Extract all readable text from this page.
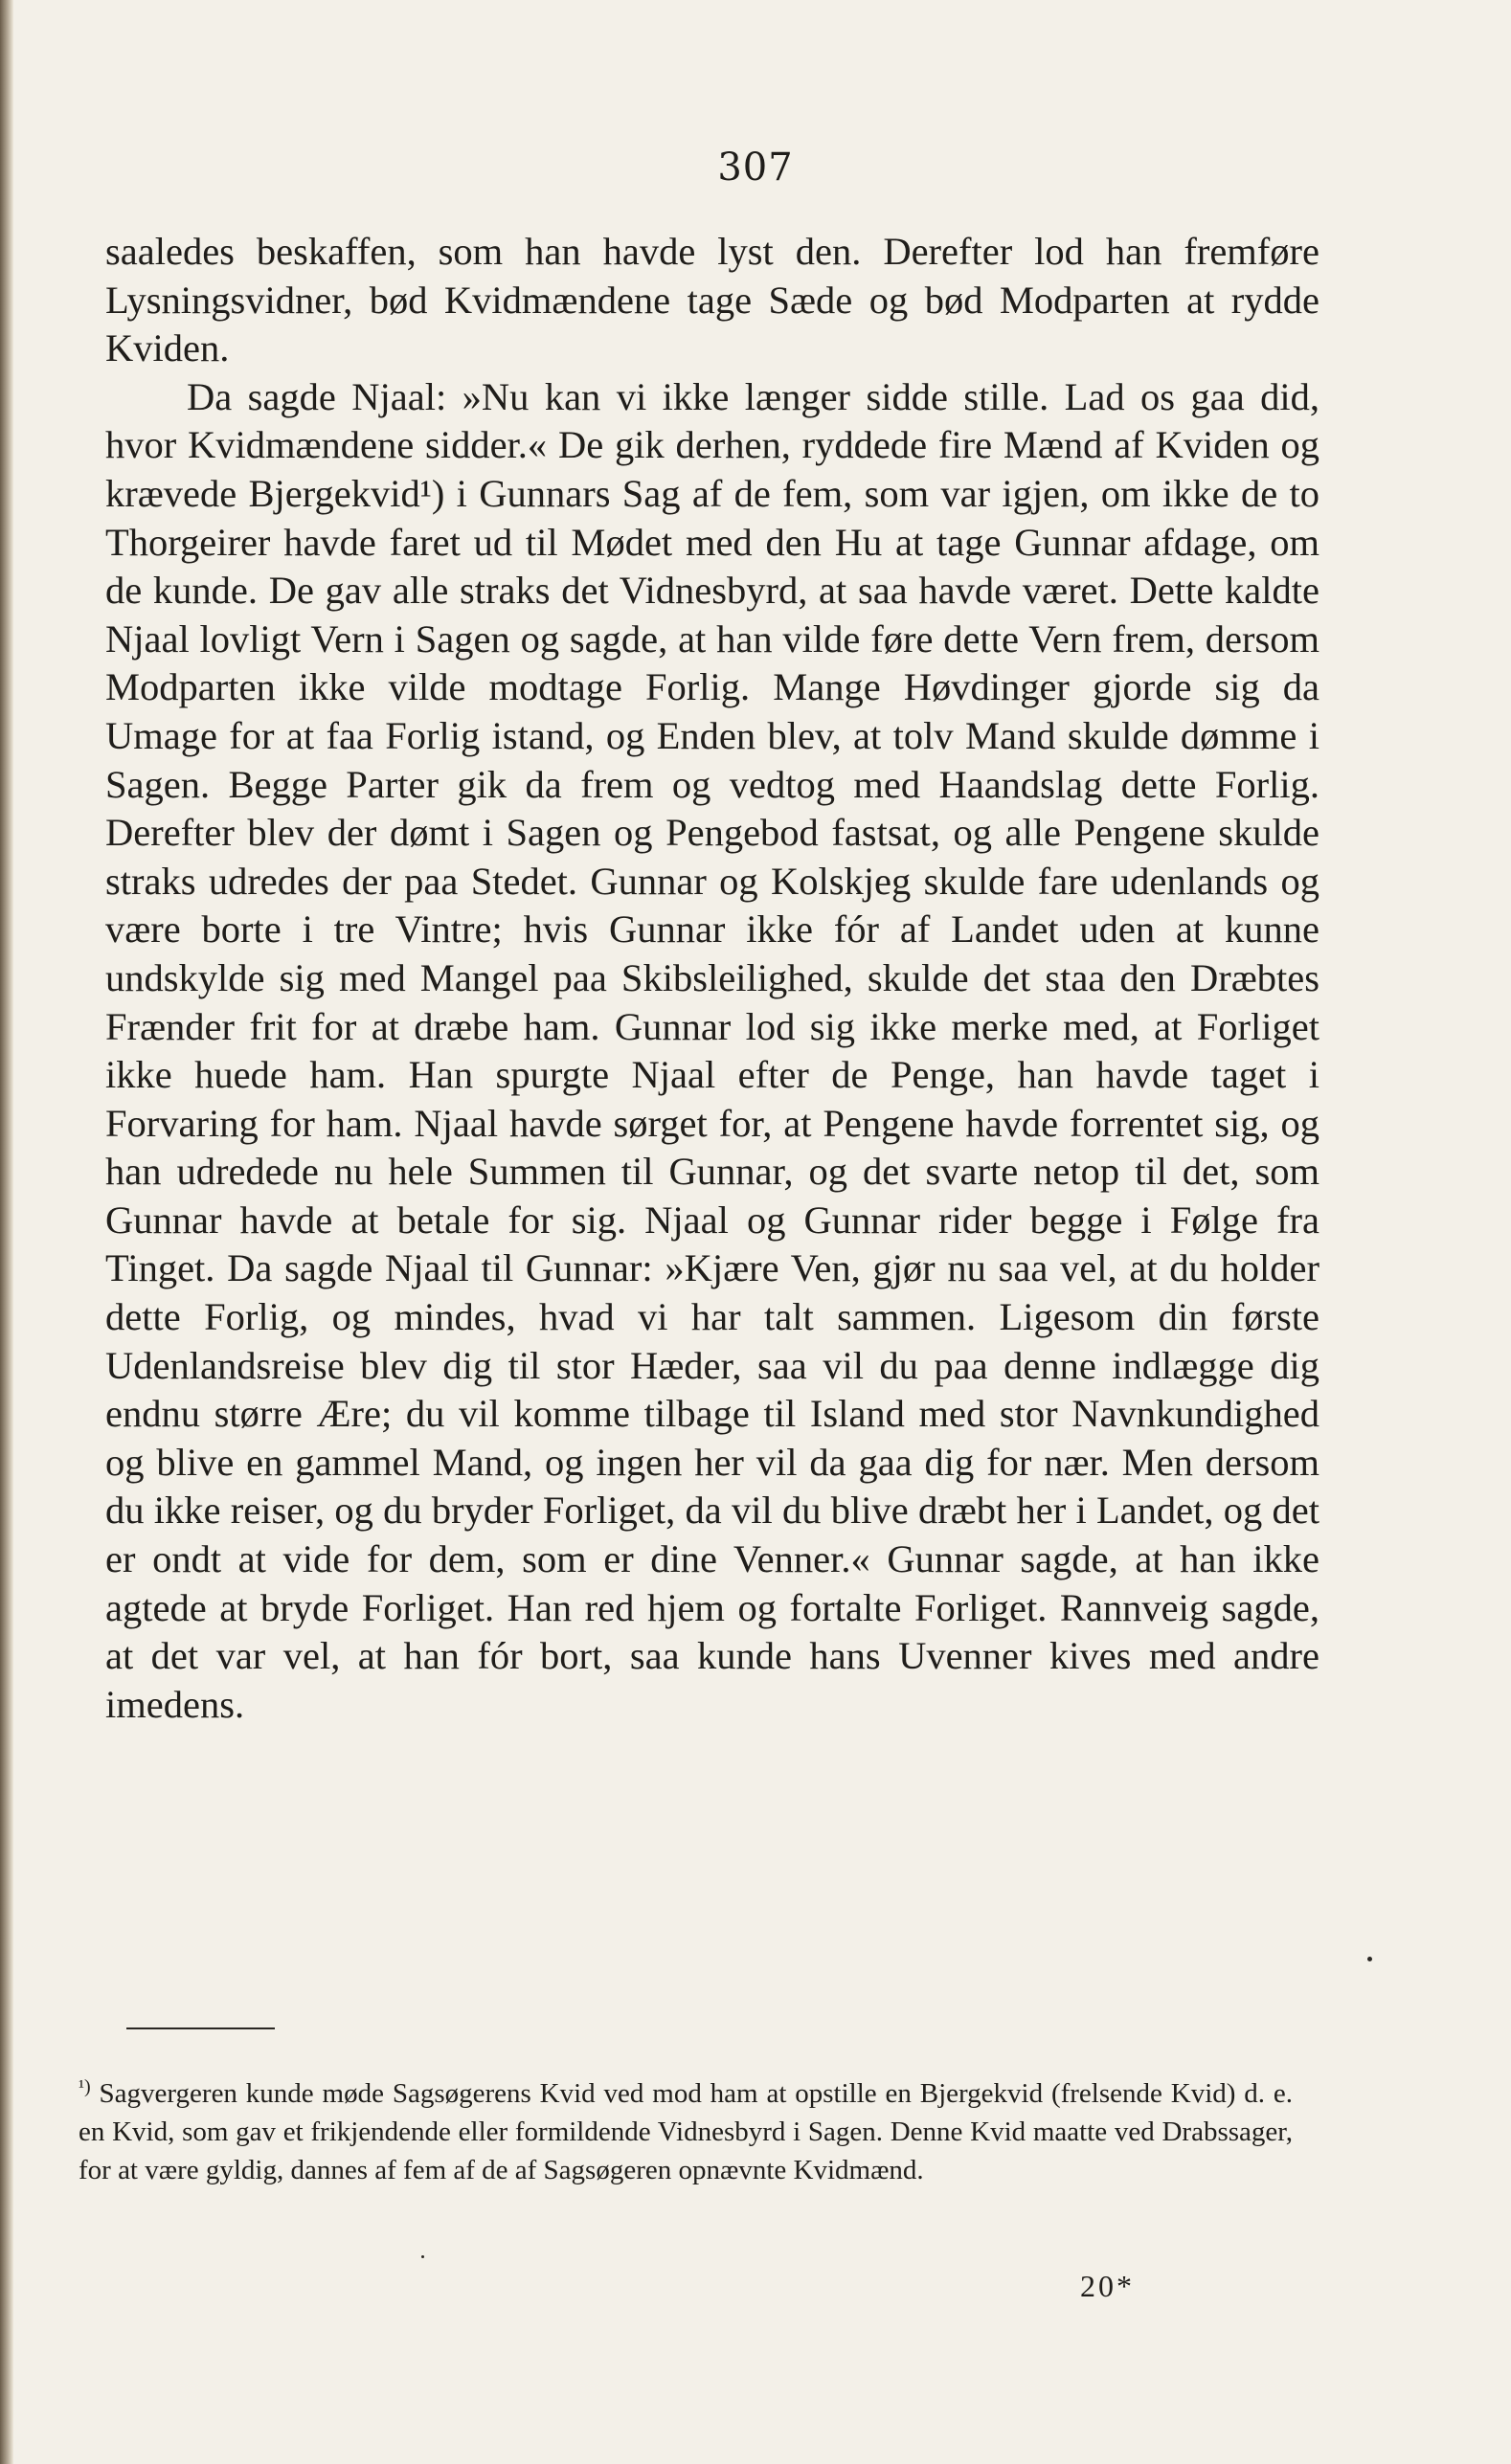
307

saaledes beskaffen, som han havde lyst den. Derefter lod han fremføre Lysningsvidner, bød Kvidmændene tage Sæde og bød Modparten at rydde Kviden.

Da sagde Njaal: »Nu kan vi ikke længer sidde stille. Lad os gaa did, hvor Kvidmændene sidder.« De gik derhen, ryddede fire Mænd af Kviden og krævede Bjergekvid¹) i Gunnars Sag af de fem, som var igjen, om ikke de to Thorgeirer havde faret ud til Mødet med den Hu at tage Gunnar afdage, om de kunde. De gav alle straks det Vidnesbyrd, at saa havde været. Dette kaldte Njaal lovligt Vern i Sagen og sagde, at han vilde føre dette Vern frem, dersom Modparten ikke vilde modtage Forlig. Mange Høvdinger gjorde sig da Umage for at faa Forlig istand, og Enden blev, at tolv Mand skulde dømme i Sagen. Begge Parter gik da frem og vedtog med Haandslag dette Forlig. Derefter blev der dømt i Sagen og Pengebod fastsat, og alle Pengene skulde straks udredes der paa Stedet. Gunnar og Kolskjeg skulde fare udenlands og være borte i tre Vintre; hvis Gunnar ikke fór af Landet uden at kunne undskylde sig med Mangel paa Skibsleilighed, skulde det staa den Dræbtes Frænder frit for at dræbe ham. Gunnar lod sig ikke merke med, at Forliget ikke huede ham. Han spurgte Njaal efter de Penge, han havde taget i Forvaring for ham. Njaal havde sørget for, at Pengene havde forrentet sig, og han udredede nu hele Summen til Gunnar, og det svarte netop til det, som Gunnar havde at betale for sig. Njaal og Gunnar rider begge i Følge fra Tinget. Da sagde Njaal til Gunnar: »Kjære Ven, gjør nu saa vel, at du holder dette Forlig, og mindes, hvad vi har talt sammen. Ligesom din første Udenlandsreise blev dig til stor Hæder, saa vil du paa denne indlægge dig endnu større Ære; du vil komme tilbage til Island med stor Navnkundighed og blive en gammel Mand, og ingen her vil da gaa dig for nær. Men dersom du ikke reiser, og du bryder Forliget, da vil du blive dræbt her i Landet, og det er ondt at vide for dem, som er dine Venner.« Gunnar sagde, at han ikke agtede at bryde Forliget. Han red hjem og fortalte Forliget. Rannveig sagde, at det var vel, at han fór bort, saa kunde hans Uvenner kives med andre imedens.

$^{^1)}$ Sagvergeren kunde møde Sagsøgerens Kvid ved mod ham at opstille en Bjergekvid (frelsende Kvid) d. e. en Kvid, som gav et frikjendende eller formildende Vidnesbyrd i Sagen. Denne Kvid maatte ved Drabssager, for at være gyldig, dannes af fem af de af Sagsøgeren opnævnte Kvidmænd.
20*
